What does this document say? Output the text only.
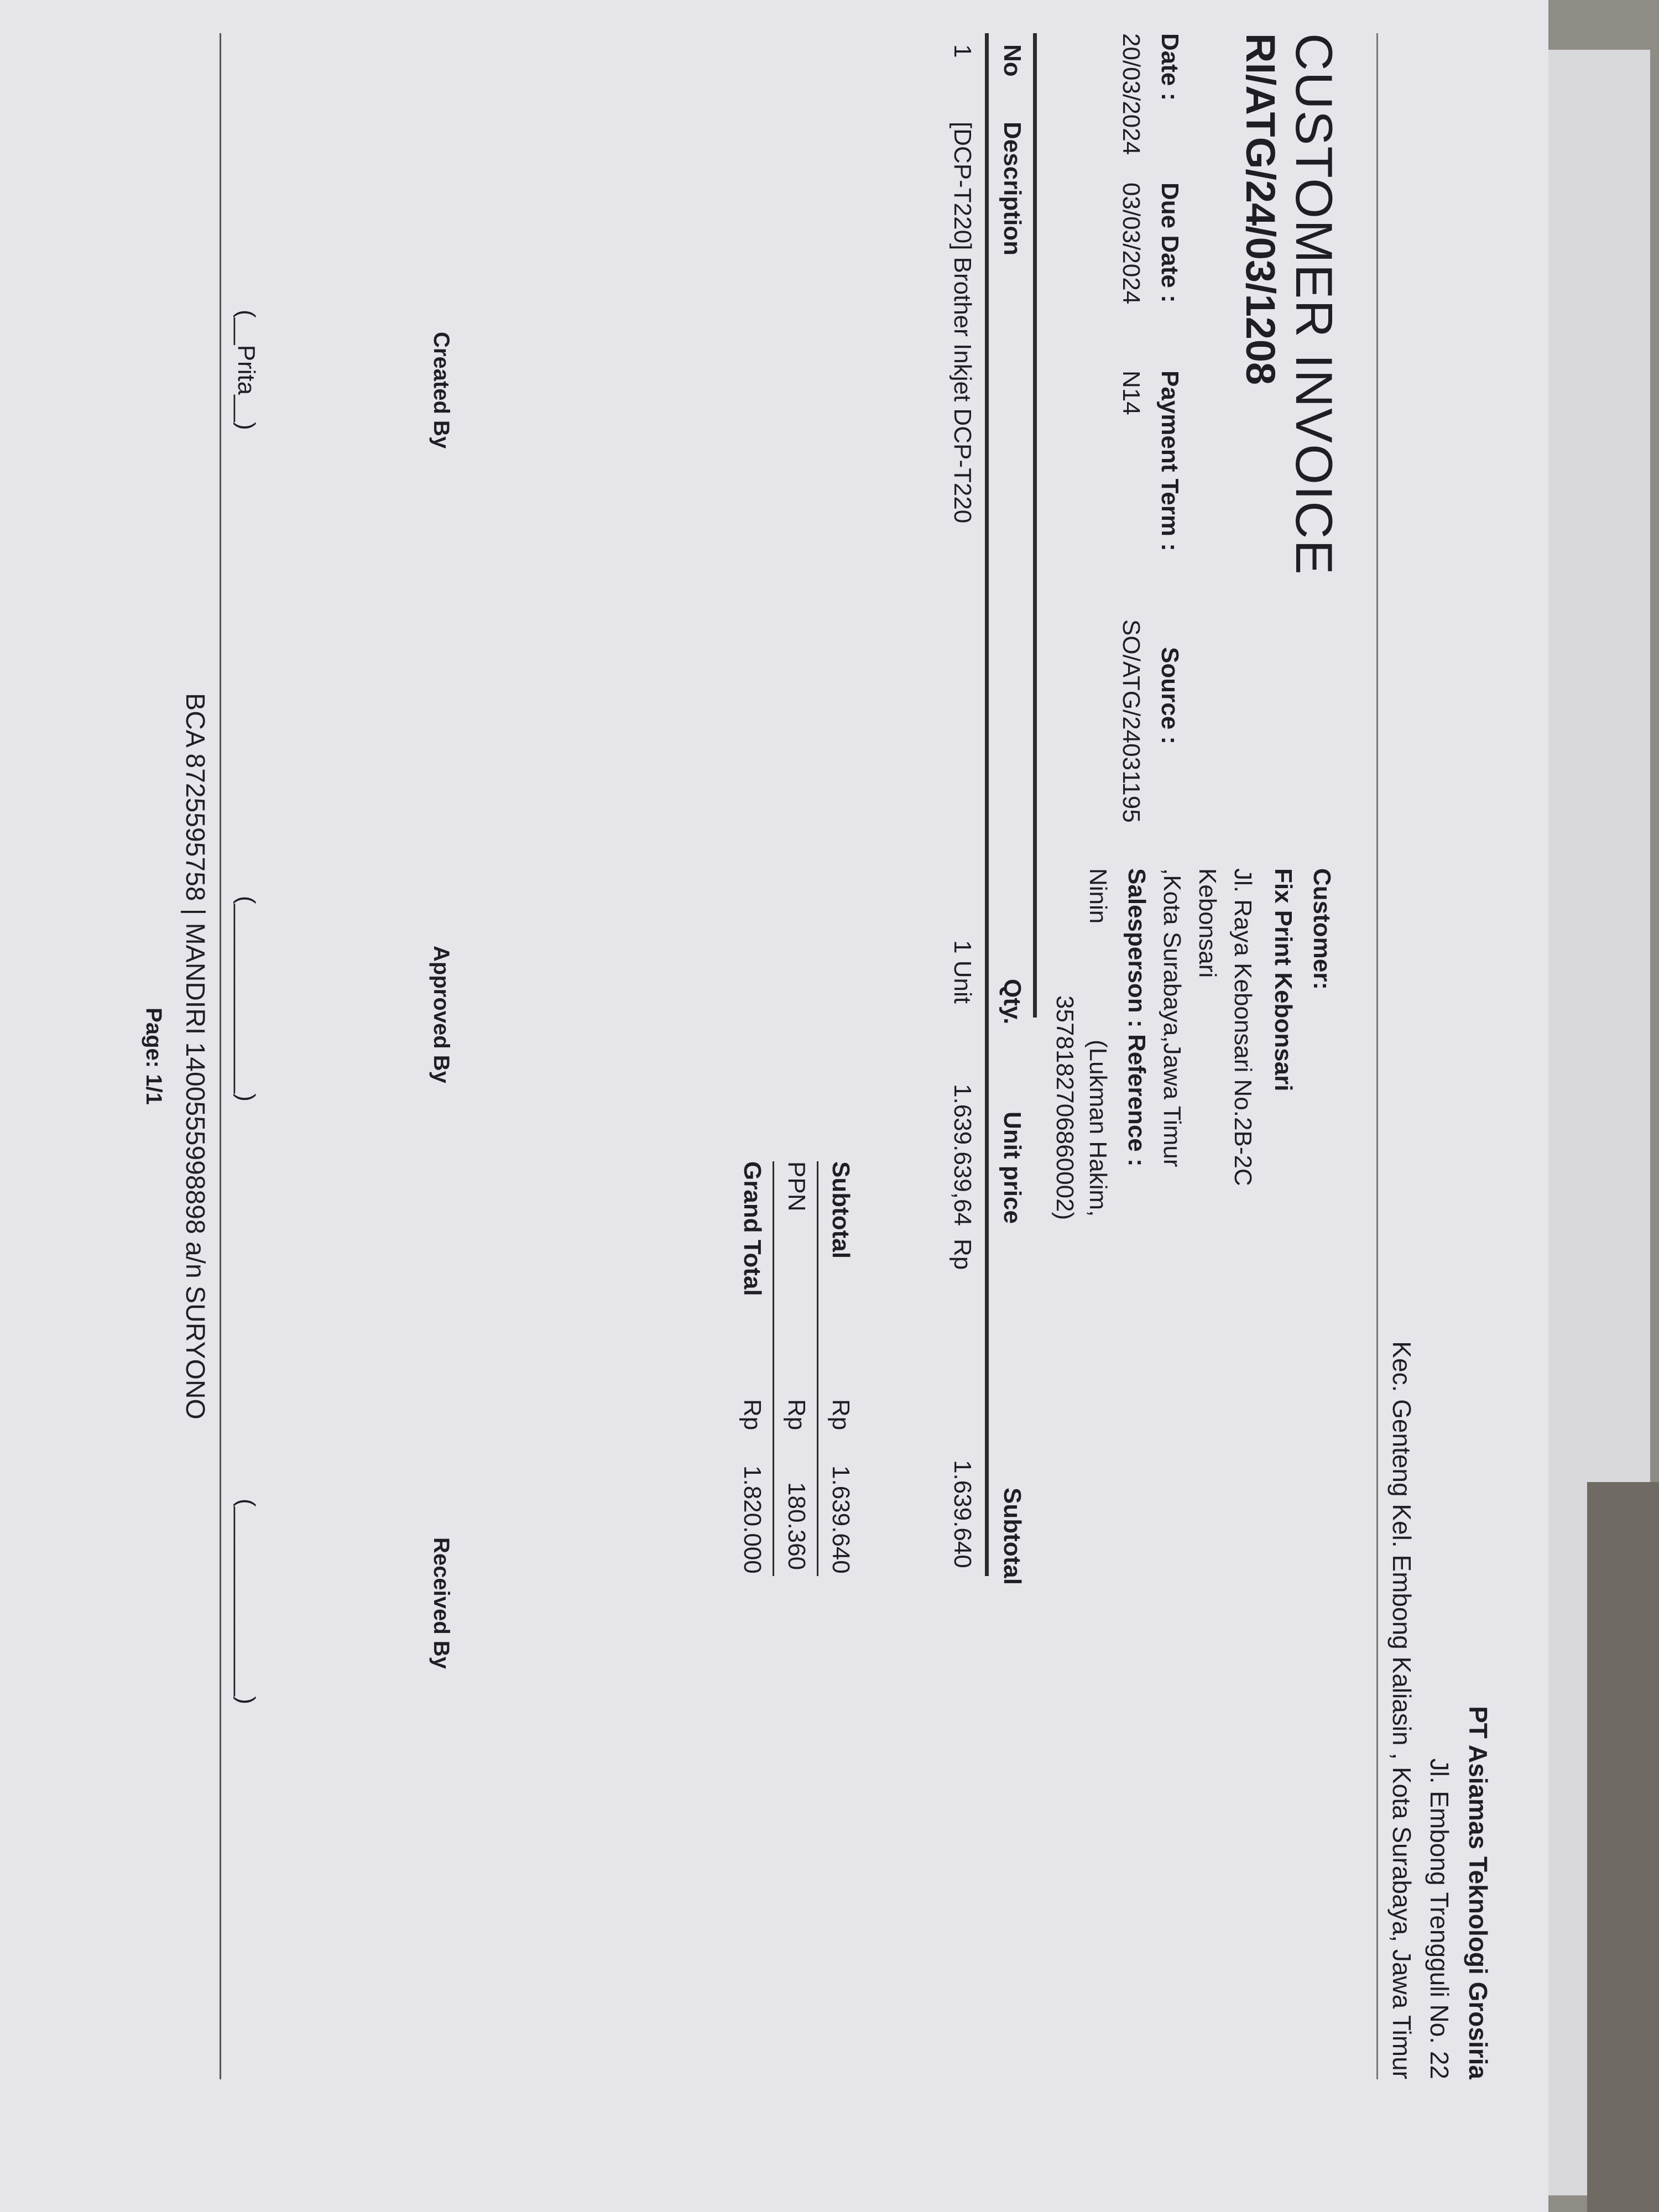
PT Asiamas Teknologi Grosiria
Jl. Embong Trengguli No. 22
Kec. Genteng Kel. Embong Kaliasin , Kota Surabaya, Jawa Timur
CUSTOMER INVOICE
RI/ATG/24/03/1208
Customer:
Fix Print Kebonsari
Jl. Raya Kebonsari No.2B-2C
Kebonsari
,Kota Surabaya,Jawa Timur
Date :
Due Date :
Payment Term :
Source :
Salesperson :
Reference :
20/03/2024
03/03/2024
N14
SO/ATG/24031195
Ninin
(Lukman Hakim,
3578182706860002)
No
Description
Qty.
Unit price
Subtotal
1
[DCP-T220] Brother Inkjet DCP-T220
1 Unit
1.639.639,64
Rp
1.639.640
Subtotal
Rp
1.639.640
PPN
Rp
180.360
Grand Total
Rp
1.820.000
Created By
Approved By
Received By
(__Prita__)
(______________)
(______________)
BCA 8725595758 | MANDIRI 1400555998898 a/n SURYONO
Page: 1/1
